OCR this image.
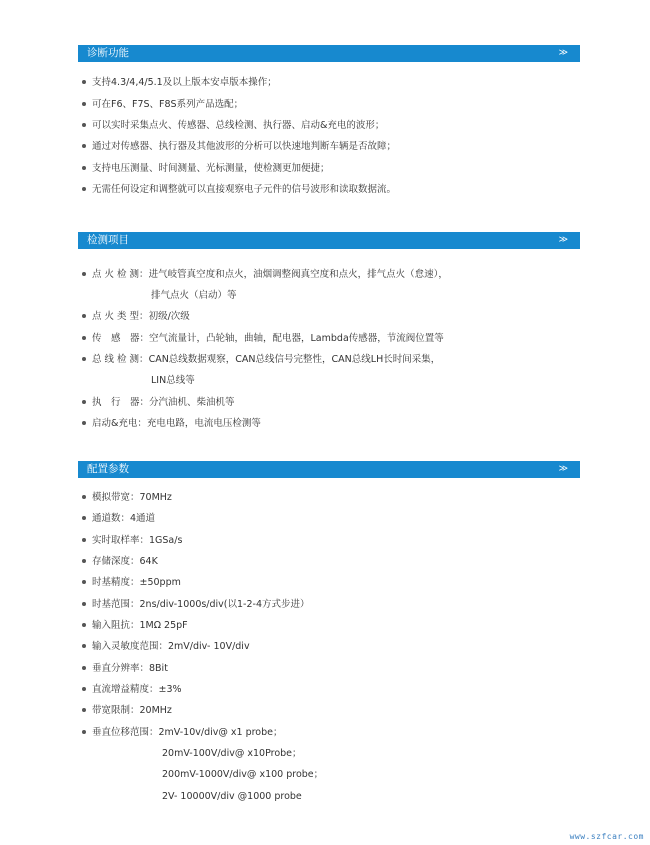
诊断功能	≫
支持4.3/4,4/5.1及以上版本安卓版本操作；
可在F6、F7S、F8S系列产品选配；
可以实时采集点火、传感器、总线检测、执行器、启动&充电的波形；
通过对传感器、执行器及其他波形的分析可以快速地判断车辆是否故障；
支持电压测量、时间测量、光标测量，使检测更加便捷；
无需任何设定和调整就可以直接观察电子元件的信号波形和读取数据流。
检测项目	≫
点 火 检 测：进气岐管真空度和点火，油烟调整阀真空度和点火，排气点火（怠速），
排气点火（启动）等
点 火 类 型：初级/次级
传　感　器：空气流量计，凸轮轴，曲轴，配电器，Lambda传感器，节流阀位置等
总 线 检 测：CAN总线数据观察，CAN总线信号完整性，CAN总线LH长时间采集，
LIN总线等
执　行　器：分汽油机、柴油机等
启动&充电：充电电路，电流电压检测等
配置参数	≫
模拟带宽：70MHz
通道数：4通道
实时取样率：1GSa/s
存储深度：64K
时基精度：±50ppm
时基范围：2ns/div-1000s/div(以1-2-4方式步进）
输入阻抗：1MΩ 25pF
输入灵敏度范围：2mV/div- 10V/div
垂直分辨率：8Bit
直流增益精度：±3%
带宽限制：20MHz
垂直位移范围：2mV-10v/div@ x1 probe；
20mV-100V/div@ x10Probe；
200mV-1000V/div@ x100 probe；
2V- 10000V/div @1000 probe
www.szfcar.com
